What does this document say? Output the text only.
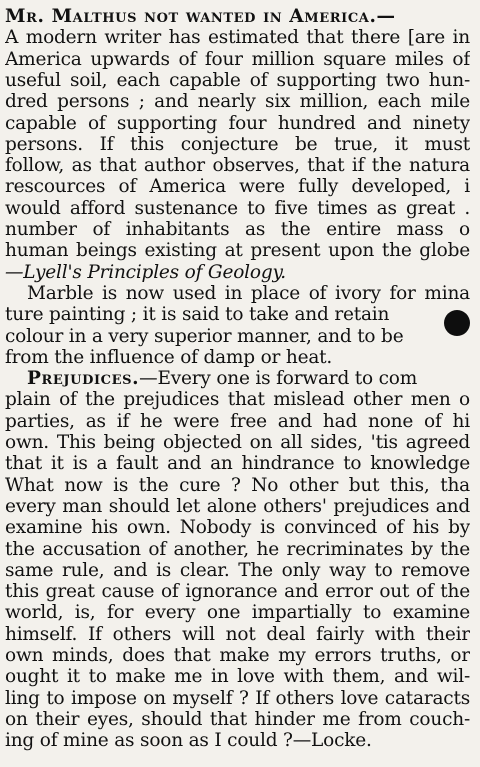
Mr. Malthus not wanted in America.—
A modern writer has estimated that there [are in
America upwards of four million square miles of
useful soil, each capable of supporting two hun-
dred persons ; and nearly six million, each mile
capable of supporting four hundred and ninety
persons. If this conjecture be true, it must
follow, as that author observes, that if the natura
rescources of America were fully developed, i
would afford sustenance to five times as great .
number of inhabitants as the entire mass o
human beings existing at present upon the globe
—Lyell's Principles of Geology.
Marble is now used in place of ivory for mina
ture painting ; it is said to take and retain
colour in a very superior manner, and to be
from the influence of damp or heat.
Prejudices.—Every one is forward to com
plain of the prejudices that mislead other men o
parties, as if he were free and had none of hi
own. This being objected on all sides, 'tis agreed
that it is a fault and an hindrance to knowledge
What now is the cure ? No other but this, tha
every man should let alone others' prejudices and
examine his own. Nobody is convinced of his by
the accusation of another, he recriminates by the
same rule, and is clear. The only way to remove
this great cause of ignorance and error out of the
world, is, for every one impartially to examine
himself. If others will not deal fairly with their
own minds, does that make my errors truths, or
ought it to make me in love with them, and wil-
ling to impose on myself ? If others love cataracts
on their eyes, should that hinder me from couch-
ing of mine as soon as I could ?—Locke.
